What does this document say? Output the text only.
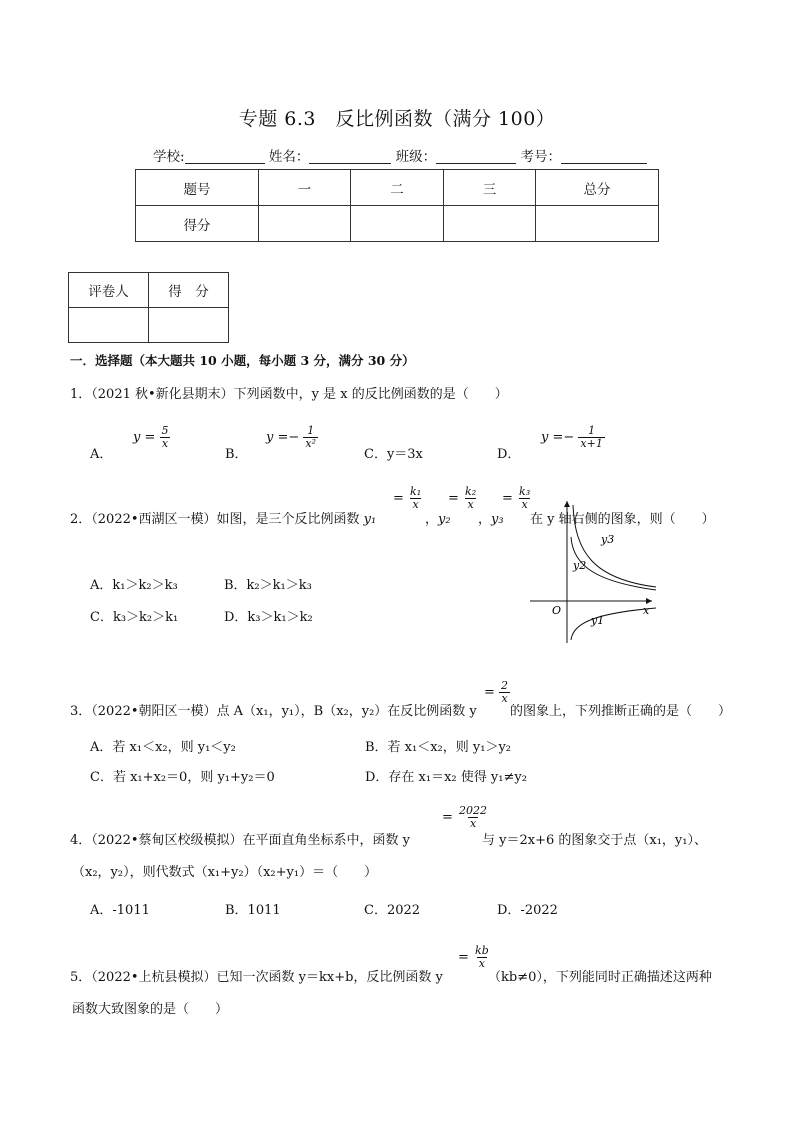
专题 6.3　反比例函数（满分 100）
学校:	姓名：	班级：	考号：
题号	一	二	三	总分
得分				
评卷人	得　分

一．选择题（本大题共 10 小题，每小题 3 分，满分 30 分）
1．（2021 秋•新化县期末）下列函数中，y 是 x 的反比例函数的是（　　）
A．
$y = \frac{5}{x}$
B．
$y =- \frac{1}{\text{x²}}$
C．y＝3x	D．
$y =- \frac{1}{x+1}$
2．（2022•西湖区一模）如图，是三个反比例函数 y₁
= $\frac{\text{k₁}}{x}$
，y₂
= $\frac{\text{k₂}}{x}$
，y₃
= $\frac{\text{k₃}}{x}$
在 y 轴右侧的图象，则（　　）
A．k₁＞k₂＞k₃	B．k₂＞k₁＞k₃
C．k₃＞k₂＞k₁	D．k₃＞k₁＞k₂
y3
y2
y1
O	x
3．（2022•朝阳区一模）点 A（x₁，y₁），B（x₂，y₂）在反比例函数 y
= $\frac{2}{x}$
的图象上，下列推断正确的是（　　）
A．若 x₁＜x₂，则 y₁＜y₂	B．若 x₁＜x₂，则 y₁＞y₂
C．若 x₁+x₂＝0，则 y₁+y₂＝0	D．存在 x₁＝x₂ 使得 y₁≠y₂
4．（2022•蔡甸区校级模拟）在平面直角坐标系中，函数 y
= $\frac{2022}{x}$
与 y＝2x+6 的图象交于点（x₁，y₁）、
（x₂，y₂），则代数式（x₁+y₂）（x₂+y₁）＝（　　）
A．-1011	B．1011	C．2022	D．-2022
5．（2022•上杭县模拟）已知一次函数 y＝kx+b，反比例函数 y
= $\frac{kb}{x}$
（kb≠0），下列能同时正确描述这两种
函数大致图象的是（　　）
